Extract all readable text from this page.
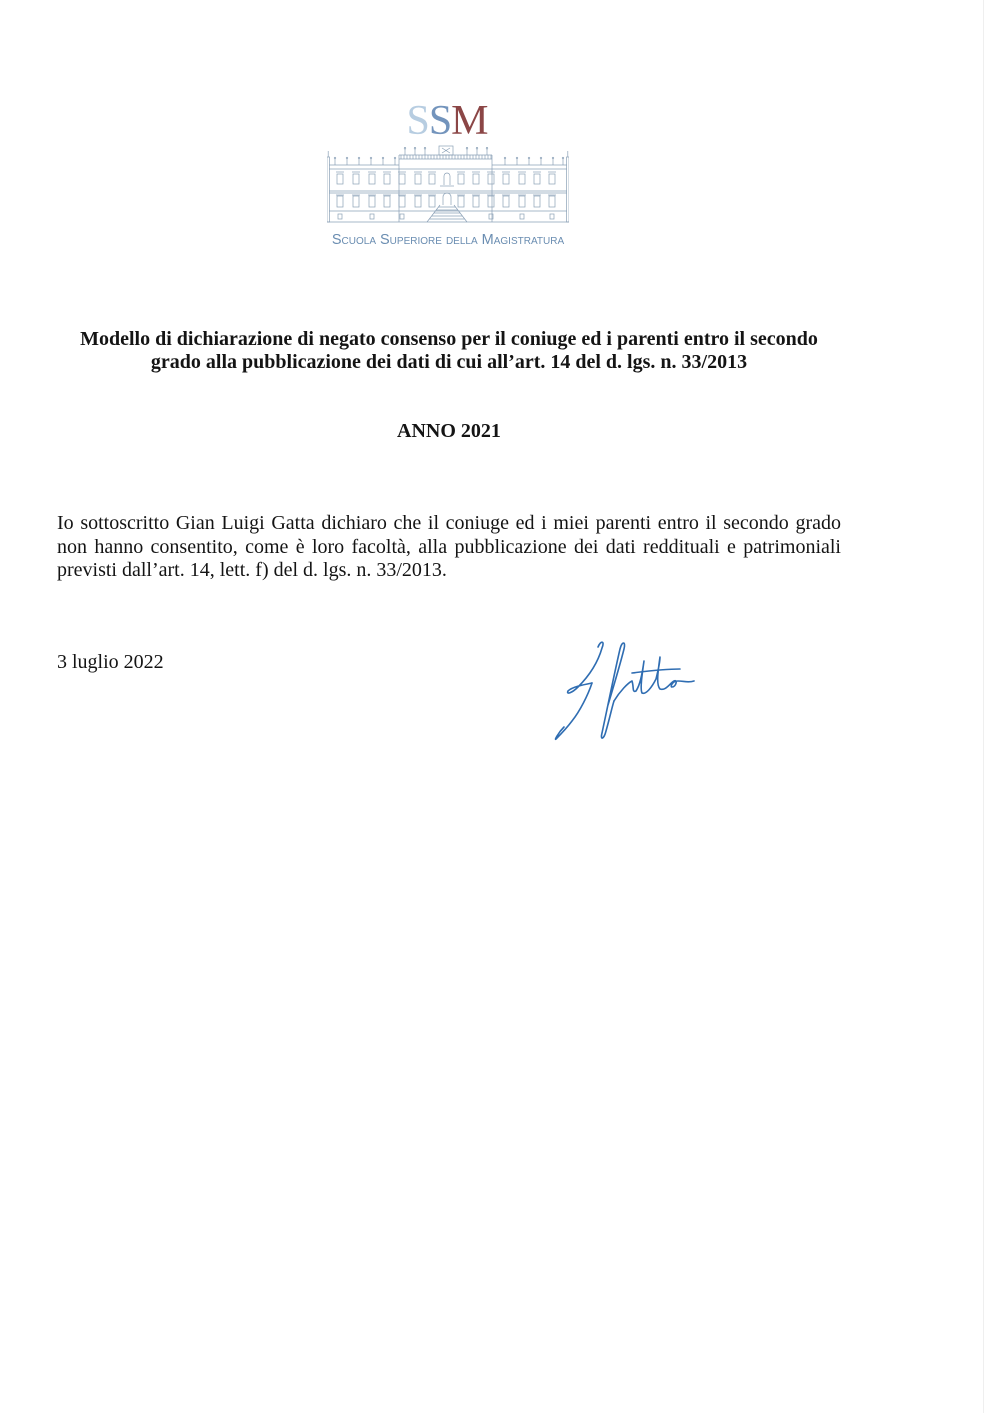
SSM
Scuola Superiore della Magistratura
Modello di dichiarazione di negato consenso per il coniuge ed i parenti entro il secondo
grado alla pubblicazione dei dati di cui all’art. 14 del d. lgs. n. 33/2013
ANNO 2021
Io sottoscritto Gian Luigi Gatta dichiaro che il coniuge ed i miei parenti entro il secondo grado
non hanno consentito, come è loro facoltà, alla pubblicazione dei dati reddituali e patrimoniali
previsti dall’art. 14, lett. f) del d. lgs. n. 33/2013.
3 luglio 2022
